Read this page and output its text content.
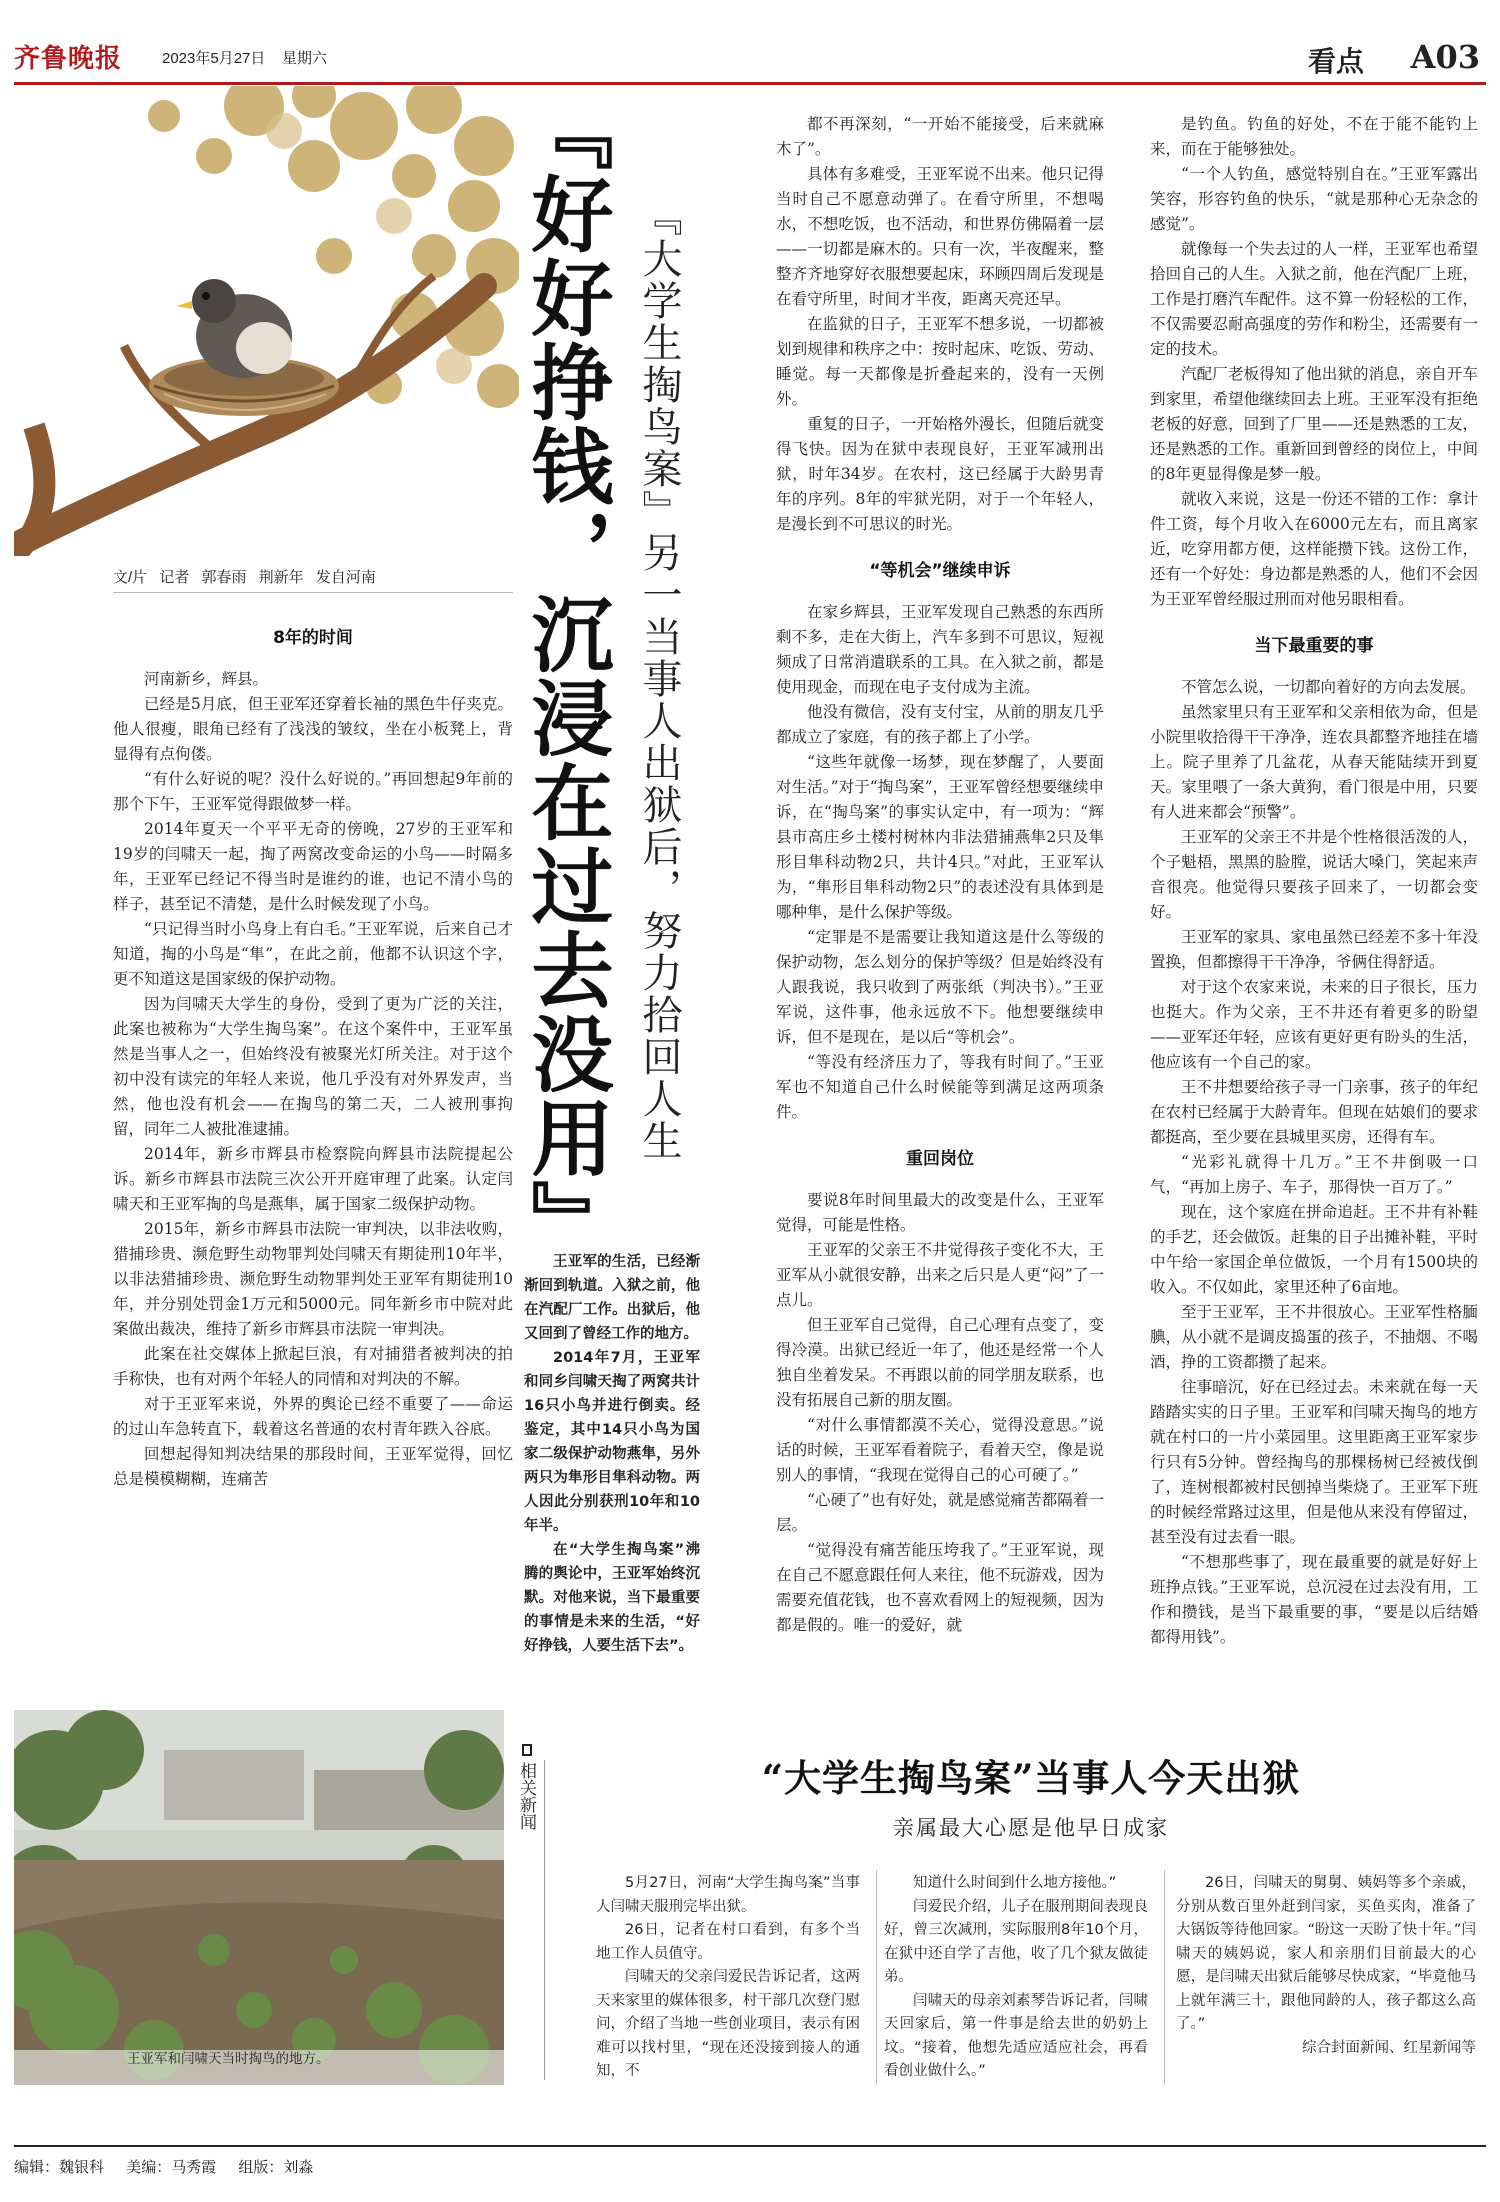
齐鲁晚报	2023年5月27日 星期六	看点 A03
文/片 记者 郭春雨 荆新年 发自河南
8年的时间

河南新乡，辉县。

已经是5月底，但王亚军还穿着长袖的黑色牛仔夹克。他人很瘦，眼角已经有了浅浅的皱纹，坐在小板凳上，背显得有点佝偻。

“有什么好说的呢？没什么好说的。”再回想起9年前的那个下午，王亚军觉得跟做梦一样。

2014年夏天一个平平无奇的傍晚，27岁的王亚军和19岁的闫啸天一起，掏了两窝改变命运的小鸟——时隔多年，王亚军已经记不得当时是谁约的谁，也记不清小鸟的样子，甚至记不清楚，是什么时候发现了小鸟。

“只记得当时小鸟身上有白毛。”王亚军说，后来自己才知道，掏的小鸟是“隼”，在此之前，他都不认识这个字，更不知道这是国家级的保护动物。

因为闫啸天大学生的身份，受到了更为广泛的关注，此案也被称为“大学生掏鸟案”。在这个案件中，王亚军虽然是当事人之一，但始终没有被聚光灯所关注。对于这个初中没有读完的年轻人来说，他几乎没有对外界发声，当然，他也没有机会——在掏鸟的第二天，二人被刑事拘留，同年二人被批准逮捕。

2014年，新乡市辉县市检察院向辉县市法院提起公诉。新乡市辉县市法院三次公开开庭审理了此案。认定闫啸天和王亚军掏的鸟是燕隼，属于国家二级保护动物。

2015年，新乡市辉县市法院一审判决，以非法收购，猎捕珍贵、濒危野生动物罪判处闫啸天有期徒刑10年半，以非法猎捕珍贵、濒危野生动物罪判处王亚军有期徒刑10年，并分别处罚金1万元和5000元。同年新乡市中院对此案做出裁决，维持了新乡市辉县市法院一审判决。

此案在社交媒体上掀起巨浪，有对捕猎者被判决的拍手称快，也有对两个年轻人的同情和对判决的不解。

对于王亚军来说，外界的舆论已经不重要了——命运的过山车急转直下，载着这名普通的农村青年跌入谷底。

回想起得知判决结果的那段时间，王亚军觉得，回忆总是模模糊糊，连痛苦

『好好挣钱，沉浸在过去没用』 『大学生掏鸟案』另一当事人出狱后，努力拾回人生

王亚军的生活，已经渐渐回到轨道。入狱之前，他在汽配厂工作。出狱后，他又回到了曾经工作的地方。

2014年7月，王亚军和同乡闫啸天掏了两窝共计16只小鸟并进行倒卖。经鉴定，其中14只小鸟为国家二级保护动物燕隼，另外两只为隼形目隼科动物。两人因此分别获刑10年和10年半。

在“大学生掏鸟案”沸腾的舆论中，王亚军始终沉默。对他来说，当下最重要的事情是未来的生活，“好好挣钱，人要生活下去”。

都不再深刻，“一开始不能接受，后来就麻木了”。

具体有多难受，王亚军说不出来。他只记得当时自己不愿意动弹了。在看守所里，不想喝水，不想吃饭，也不活动，和世界仿佛隔着一层——一切都是麻木的。只有一次，半夜醒来，整整齐齐地穿好衣服想要起床，环顾四周后发现是在看守所里，时间才半夜，距离天亮还早。

在监狱的日子，王亚军不想多说，一切都被划到规律和秩序之中：按时起床、吃饭、劳动、睡觉。每一天都像是折叠起来的，没有一天例外。

重复的日子，一开始格外漫长，但随后就变得飞快。因为在狱中表现良好，王亚军减刑出狱，时年34岁。在农村，这已经属于大龄男青年的序列。8年的牢狱光阴，对于一个年轻人，是漫长到不可思议的时光。

“等机会”继续申诉

在家乡辉县，王亚军发现自己熟悉的东西所剩不多，走在大街上，汽车多到不可思议，短视频成了日常消遣联系的工具。在入狱之前，都是使用现金，而现在电子支付成为主流。

他没有微信，没有支付宝，从前的朋友几乎都成立了家庭，有的孩子都上了小学。

“这些年就像一场梦，现在梦醒了，人要面对生活。”对于“掏鸟案”，王亚军曾经想要继续申诉，在“掏鸟案”的事实认定中，有一项为：“辉县市高庄乡土楼村树林内非法猎捕燕隼2只及隼形目隼科动物2只，共计4只。”对此，王亚军认为，“隼形目隼科动物2只”的表述没有具体到是哪种隼，是什么保护等级。

“定罪是不是需要让我知道这是什么等级的保护动物，怎么划分的保护等级？但是始终没有人跟我说，我只收到了两张纸（判决书）。”王亚军说，这件事，他永远放不下。他想要继续申诉，但不是现在，是以后“等机会”。

“等没有经济压力了，等我有时间了。”王亚军也不知道自己什么时候能等到满足这两项条件。

重回岗位

要说8年时间里最大的改变是什么，王亚军觉得，可能是性格。

王亚军的父亲王不井觉得孩子变化不大，王亚军从小就很安静，出来之后只是人更“闷”了一点儿。

但王亚军自己觉得，自己心理有点变了，变得冷漠。出狱已经近一年了，他还是经常一个人独自坐着发呆。不再跟以前的同学朋友联系，也没有拓展自己新的朋友圈。

“对什么事情都漠不关心，觉得没意思。”说话的时候，王亚军看着院子，看着天空，像是说别人的事情，“我现在觉得自己的心可硬了。”

“心硬了”也有好处，就是感觉痛苦都隔着一层。

“觉得没有痛苦能压垮我了。”王亚军说，现在自己不愿意跟任何人来往，他不玩游戏，因为需要充值花钱，也不喜欢看网上的短视频，因为都是假的。唯一的爱好，就

是钓鱼。钓鱼的好处，不在于能不能钓上来，而在于能够独处。

“一个人钓鱼，感觉特别自在。”王亚军露出笑容，形容钓鱼的快乐，“就是那种心无杂念的感觉”。

就像每一个失去过的人一样，王亚军也希望拾回自己的人生。入狱之前，他在汽配厂上班，工作是打磨汽车配件。这不算一份轻松的工作，不仅需要忍耐高强度的劳作和粉尘，还需要有一定的技术。

汽配厂老板得知了他出狱的消息，亲自开车到家里，希望他继续回去上班。王亚军没有拒绝老板的好意，回到了厂里——还是熟悉的工友，还是熟悉的工作。重新回到曾经的岗位上，中间的8年更显得像是梦一般。

就收入来说，这是一份还不错的工作：拿计件工资，每个月收入在6000元左右，而且离家近，吃穿用都方便，这样能攒下钱。这份工作，还有一个好处：身边都是熟悉的人，他们不会因为王亚军曾经服过刑而对他另眼相看。

当下最重要的事

不管怎么说，一切都向着好的方向去发展。

虽然家里只有王亚军和父亲相依为命，但是小院里收拾得干干净净，连农具都整齐地挂在墙上。院子里养了几盆花，从春天能陆续开到夏天。家里喂了一条大黄狗，看门很是中用，只要有人进来都会“预警”。

王亚军的父亲王不井是个性格很活泼的人，个子魁梧，黑黑的脸膛，说话大嗓门，笑起来声音很亮。他觉得只要孩子回来了，一切都会变好。

王亚军的家具、家电虽然已经差不多十年没置换，但都擦得干干净净，爷俩住得舒适。

对于这个农家来说，未来的日子很长，压力也挺大。作为父亲，王不井还有着更多的盼望——亚军还年轻，应该有更好更有盼头的生活，他应该有一个自己的家。

王不井想要给孩子寻一门亲事，孩子的年纪在农村已经属于大龄青年。但现在姑娘们的要求都挺高，至少要在县城里买房，还得有车。

“光彩礼就得十几万。”王不井倒吸一口气，“再加上房子、车子，那得快一百万了。”

现在，这个家庭在拼命追赶。王不井有补鞋的手艺，还会做饭。赶集的日子出摊补鞋，平时中午给一家国企单位做饭，一个月有1500块的收入。不仅如此，家里还种了6亩地。

至于王亚军，王不井很放心。王亚军性格腼腆，从小就不是调皮捣蛋的孩子，不抽烟、不喝酒，挣的工资都攒了起来。

往事暗沉，好在已经过去。未来就在每一天踏踏实实的日子里。王亚军和闫啸天掏鸟的地方就在村口的一片小菜园里。这里距离王亚军家步行只有5分钟。曾经掏鸟的那棵杨树已经被伐倒了，连树根都被村民刨掉当柴烧了。王亚军下班的时候经常路过这里，但是他从来没有停留过，甚至没有过去看一眼。

“不想那些事了，现在最重要的就是好好上班挣点钱。”王亚军说，总沉浸在过去没有用，工作和攒钱，是当下最重要的事，“要是以后结婚都得用钱”。

王亚军和闫啸天当时掏鸟的地方。
相关新闻	“大学生掏鸟案”当事人今天出狱
亲属最大心愿是他早日成家

5月27日，河南“大学生掏鸟案”当事人闫啸天服刑完毕出狱。

26日，记者在村口看到，有多个当地工作人员值守。

闫啸天的父亲闫爱民告诉记者，这两天来家里的媒体很多，村干部几次登门慰问，介绍了当地一些创业项目，表示有困难可以找村里，“现在还没接到接人的通知，不

知道什么时间到什么地方接他。”

闫爱民介绍，儿子在服刑期间表现良好，曾三次减刑，实际服刑8年10个月，在狱中还自学了吉他，收了几个狱友做徒弟。

闫啸天的母亲刘素琴告诉记者，闫啸天回家后，第一件事是给去世的奶奶上坟。“接着，他想先适应适应社会，再看看创业做什么。”

26日，闫啸天的舅舅、姨妈等多个亲戚，分别从数百里外赶到闫家，买鱼买肉，准备了大锅饭等待他回家。“盼这一天盼了快十年。”闫啸天的姨妈说，家人和亲朋们目前最大的心愿，是闫啸天出狱后能够尽快成家，“毕竟他马上就年满三十，跟他同龄的人，孩子都这么高了。”

综合封面新闻、红星新闻等

编辑：魏银科 美编：马秀霞 组版：刘淼
